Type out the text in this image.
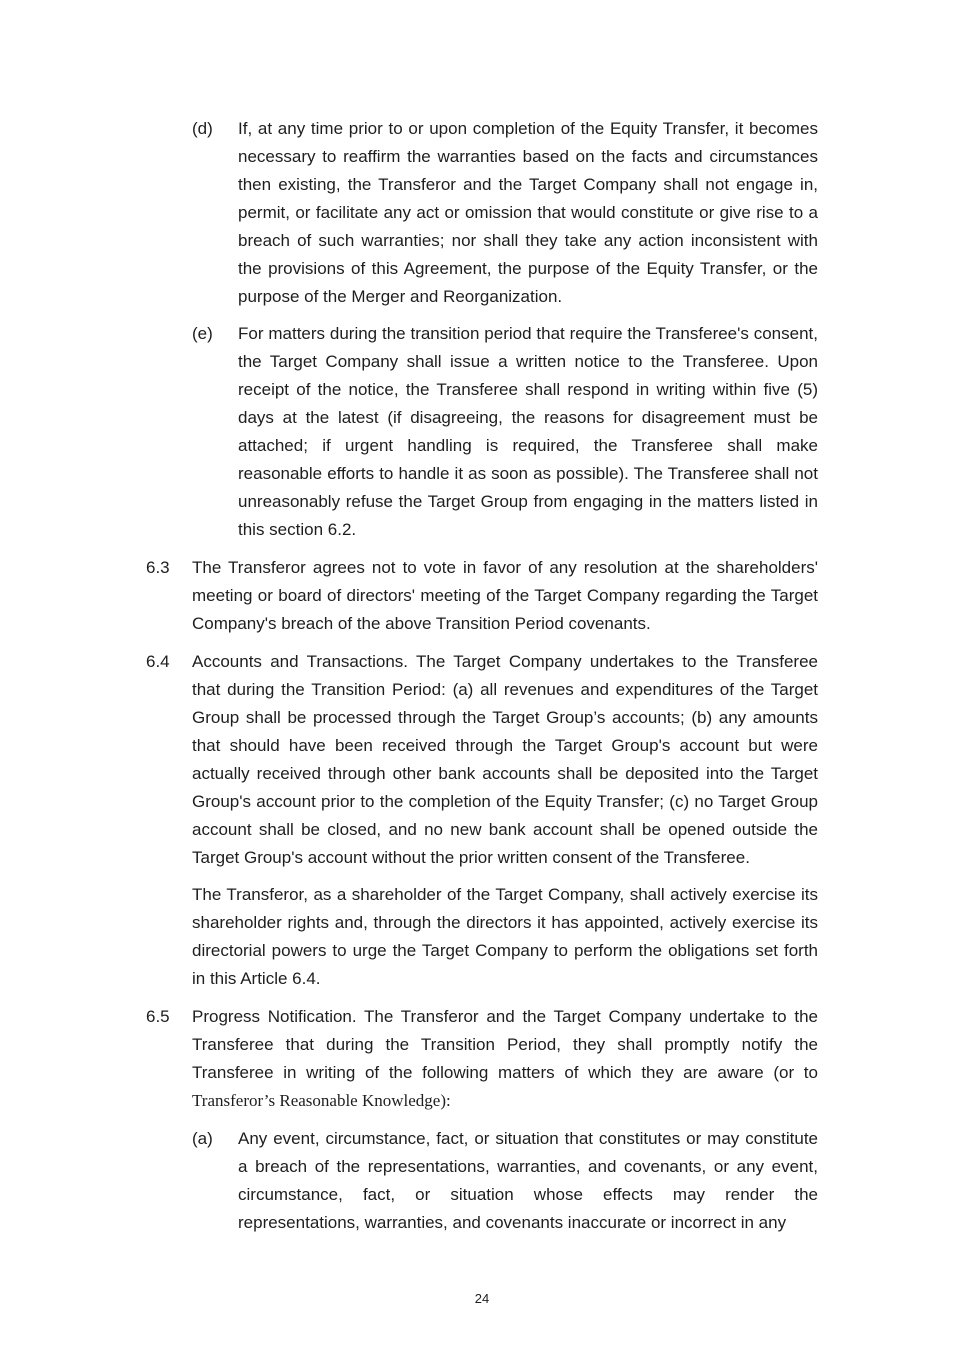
(d) If, at any time prior to or upon completion of the Equity Transfer, it becomes necessary to reaffirm the warranties based on the facts and circumstances then existing, the Transferor and the Target Company shall not engage in, permit, or facilitate any act or omission that would constitute or give rise to a breach of such warranties; nor shall they take any action inconsistent with the provisions of this Agreement, the purpose of the Equity Transfer, or the purpose of the Merger and Reorganization.

(e) For matters during the transition period that require the Transferee's consent, the Target Company shall issue a written notice to the Transferee. Upon receipt of the notice, the Transferee shall respond in writing within five (5) days at the latest (if disagreeing, the reasons for disagreement must be attached; if urgent handling is required, the Transferee shall make reasonable efforts to handle it as soon as possible). The Transferee shall not unreasonably refuse the Target Group from engaging in the matters listed in this section 6.2.

6.3 The Transferor agrees not to vote in favor of any resolution at the shareholders' meeting or board of directors' meeting of the Target Company regarding the Target Company's breach of the above Transition Period covenants.

6.4 Accounts and Transactions. The Target Company undertakes to the Transferee that during the Transition Period: (a) all revenues and expenditures of the Target Group shall be processed through the Target Group’s accounts; (b) any amounts that should have been received through the Target Group's account but were actually received through other bank accounts shall be deposited into the Target Group's account prior to the completion of the Equity Transfer; (c) no Target Group account shall be closed, and no new bank account shall be opened outside the Target Group's account without the prior written consent of the Transferee.

The Transferor, as a shareholder of the Target Company, shall actively exercise its shareholder rights and, through the directors it has appointed, actively exercise its directorial powers to urge the Target Company to perform the obligations set forth in this Article 6.4.

6.5 Progress Notification. The Transferor and the Target Company undertake to the Transferee that during the Transition Period, they shall promptly notify the Transferee in writing of the following matters of which they are aware (or to Transferor’s Reasonable Knowledge):

(a) Any event, circumstance, fact, or situation that constitutes or may constitute a breach of the representations, warranties, and covenants, or any event, circumstance, fact, or situation whose effects may render the representations, warranties, and covenants inaccurate or incorrect in any

24
